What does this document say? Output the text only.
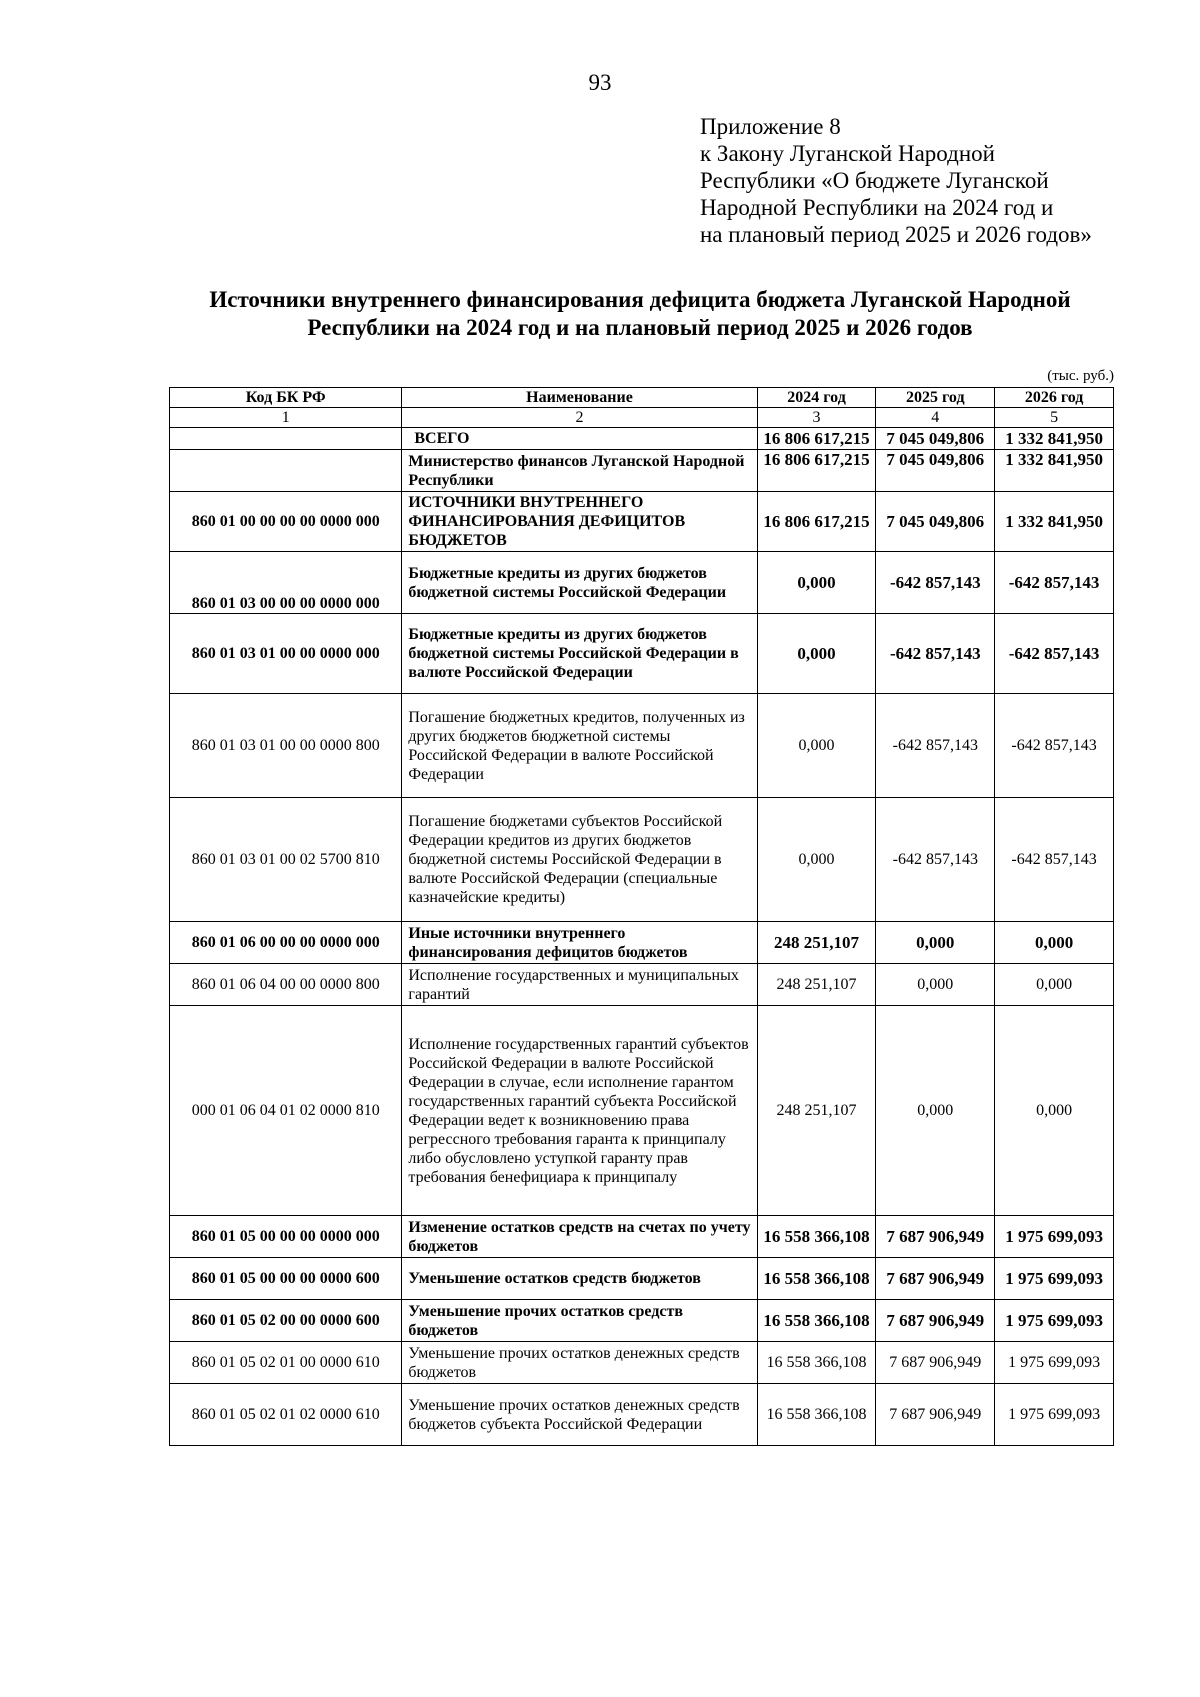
93
Приложение 8
к Закону Луганской Народной
Республики «О бюджете Луганской
Народной Республики на 2024 год и
на плановый период 2025 и 2026 годов»
Источники внутреннего финансирования дефицита бюджета Луганской Народной
Республики на 2024 год и на плановый период 2025 и 2026 годов
(тыс. руб.)
Код БК РФ	Наименование	2024 год	2025 год	2026 год
1	2	3	4	5
	ВСЕГО	16 806 617,215	7 045 049,806	1 332 841,950
	Министерство финансов Луганской Народной Республики	16 806 617,215	7 045 049,806	1 332 841,950
860 01 00 00 00 00 0000 000	ИСТОЧНИКИ ВНУТРЕННЕГО ФИНАНСИРОВАНИЯ ДЕФИЦИТОВ БЮДЖЕТОВ	16 806 617,215	7 045 049,806	1 332 841,950
860 01 03 00 00 00 0000 000	Бюджетные кредиты из других бюджетов бюджетной системы Российской Федерации	0,000	-642 857,143	-642 857,143
860 01 03 01 00 00 0000 000	Бюджетные кредиты из других бюджетов бюджетной системы Российской Федерации в валюте Российской Федерации	0,000	-642 857,143	-642 857,143
860 01 03 01 00 00 0000 800	Погашение бюджетных кредитов, полученных из других бюджетов бюджетной системы Российской Федерации в валюте Российской Федерации	0,000	-642 857,143	-642 857,143
860 01 03 01 00 02 5700 810	Погашение бюджетами субъектов Российской Федерации кредитов из других бюджетов бюджетной системы Российской Федерации в валюте Российской Федерации (специальные казначейские кредиты)	0,000	-642 857,143	-642 857,143
860 01 06 00 00 00 0000 000	Иные источники внутреннего финансирования дефицитов бюджетов	248 251,107	0,000	0,000
860 01 06 04 00 00 0000 800	Исполнение государственных и муниципальных гарантий	248 251,107	0,000	0,000
000 01 06 04 01 02 0000 810	Исполнение государственных гарантий субъектов Российской Федерации в валюте Российской Федерации в случае, если исполнение гарантом государственных гарантий субъекта Российской Федерации ведет к возникновению права регрессного требования гаранта к принципалу либо обусловлено уступкой гаранту прав требования бенефициара к принципалу	248 251,107	0,000	0,000
860 01 05 00 00 00 0000 000	Изменение остатков средств на счетах по учету бюджетов	16 558 366,108	7 687 906,949	1 975 699,093
860 01 05 00 00 00 0000 600	Уменьшение остатков средств бюджетов	16 558 366,108	7 687 906,949	1 975 699,093
860 01 05 02 00 00 0000 600	Уменьшение прочих остатков средств бюджетов	16 558 366,108	7 687 906,949	1 975 699,093
860 01 05 02 01 00 0000 610	Уменьшение прочих остатков денежных средств бюджетов	16 558 366,108	7 687 906,949	1 975 699,093
860 01 05 02 01 02 0000 610	Уменьшение прочих остатков денежных средств бюджетов субъекта Российской Федерации	16 558 366,108	7 687 906,949	1 975 699,093
